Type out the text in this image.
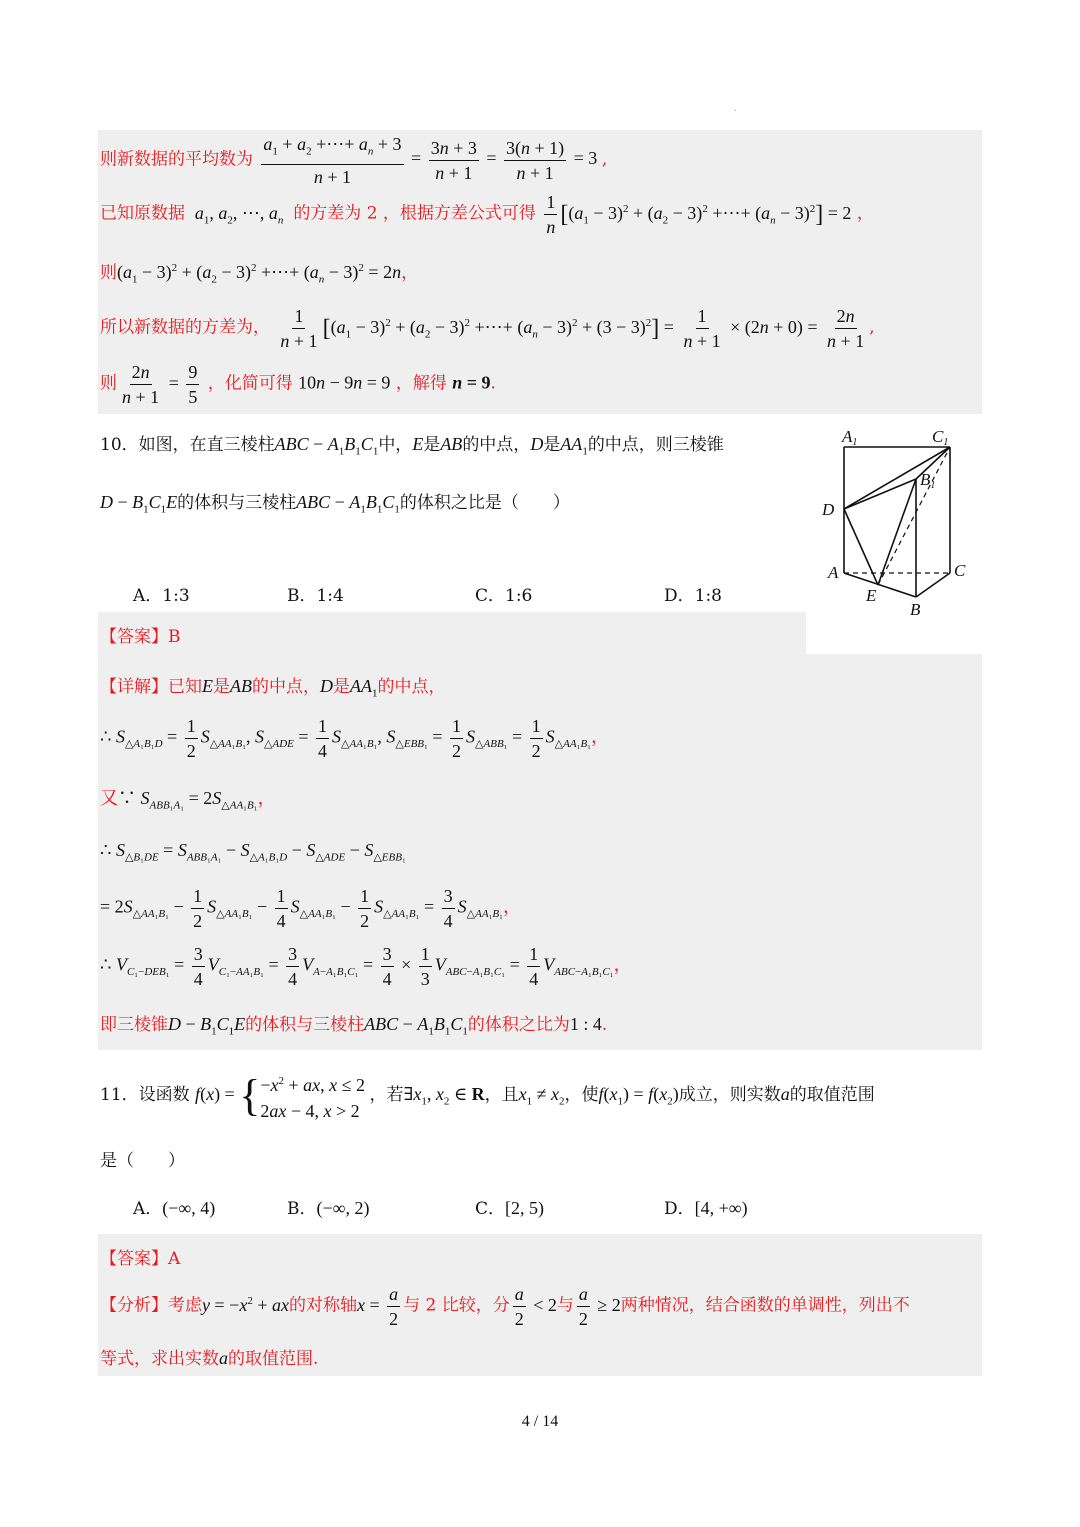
.
则新数据的平均数为 $\frac{a_1 + a_2 +\cdots+ a_n + 3}{n + 1} = \frac{3n + 3}{n + 1} = \frac{3(n + 1)}{n + 1} = 3$ ,
已知原数据 $a_1$, $a_2$, ⋯, $a_n$ 的方差为 2 ，根据方差公式可得 $\frac{1}{n} [(a_1 - 3)^2 + (a_2 - 3)^2$ +⋯+ $(a_n - 3)^2] = 2$ ，
则$(a_1 - 3)^2 + (a_2 - 3)^2$ +⋯+ $(a_n - 3)^2 = 2n$，
所以新数据的方差为， $\frac{1}{n + 1} [(a_1 - 3)^2 + (a_2 - 3)^2$ +⋯+ $(a_n - 3)^2 + (3 - 3)^2] = \frac{1}{n + 1} \times (2n + 0) = \frac{2n}{n + 1}$ ,
则 $\frac{2n}{n + 1} = \frac{9}{5}$ ，化简可得 10n − 9n = 9 ，解得 n = 9.
10．如图，在直三棱柱ABC − $A_1B_1C_1$中，E是AB的中点，D是$AA_1$的中点，则三棱锥
$D - B_1C_1E$的体积与三棱柱ABC − $A_1B_1C_1$的体积之比是（　　）
A1	C1
B1
D
A	C
E
B
A．1:3	B．1:4	C．1:6	D．1:8
【答案】B
【详解】已知E是AB的中点，D是$AA_1$的中点，
∴ $S_{\triangle A_1B_1D} = \frac{1}{2} S_{\triangle AA_1B_1}$, $S_{\triangle ADE} = \frac{1}{4} S_{\triangle AA_1B_1}$, $S_{\triangle EBB_1} = \frac{1}{2} S_{\triangle ABB_1} = \frac{1}{2} S_{\triangle AA_1B_1}$，
又∵ $S_{ABB_1A_1} = 2S_{\triangle AA_1B_1}$，
∴ $S_{\triangle B_1DE} = S_{ABB_1A_1} - S_{\triangle A_1B_1D} - S_{\triangle ADE} - S_{\triangle EBB_1}$
= $2S_{\triangle AA_1B_1} - \frac{1}{2} S_{\triangle AA_1B_1} - \frac{1}{4} S_{\triangle AA_1B_1} - \frac{1}{2} S_{\triangle AA_1B_1} = \frac{3}{4} S_{\triangle AA_1B_1}$，
∴ $V_{C_1-DEB_1} = \frac{3}{4} V_{C_1-AA_1B_1} = \frac{3}{4} V_{A-A_1B_1C_1} = \frac{3}{4} \times \frac{1}{3} V_{ABC-A_1B_1C_1} = \frac{1}{4} V_{ABC-A_1B_1C_1}$，
即三棱锥$D - B_1C_1E$的体积与三棱柱ABC − $A_1B_1C_1$的体积之比为1 : 4.
11．设函数 f(x) = { $-x^2$ + ax, x ≤ 2
2ax − 4, x > 2
，若$\exists x_1$, $x_2$ ∈ R，且$x_1 \ne x_2$，使$f(x_1) = f(x_2)$成立，则实数a的取值范围
是（　　）
A．(−∞, 4)	B．(−∞, 2)	C．[2, 5)	D．[4, +∞)
【答案】A
【分析】考虑$y = -x^2$ + ax的对称轴$x = \frac{a}{2}$ 与 2 比较，分 $\frac{a}{2} < 2$与 $\frac{a}{2} \ge 2$两种情况，结合函数的单调性，列出不
等式，求出实数a的取值范围.
4 / 14
